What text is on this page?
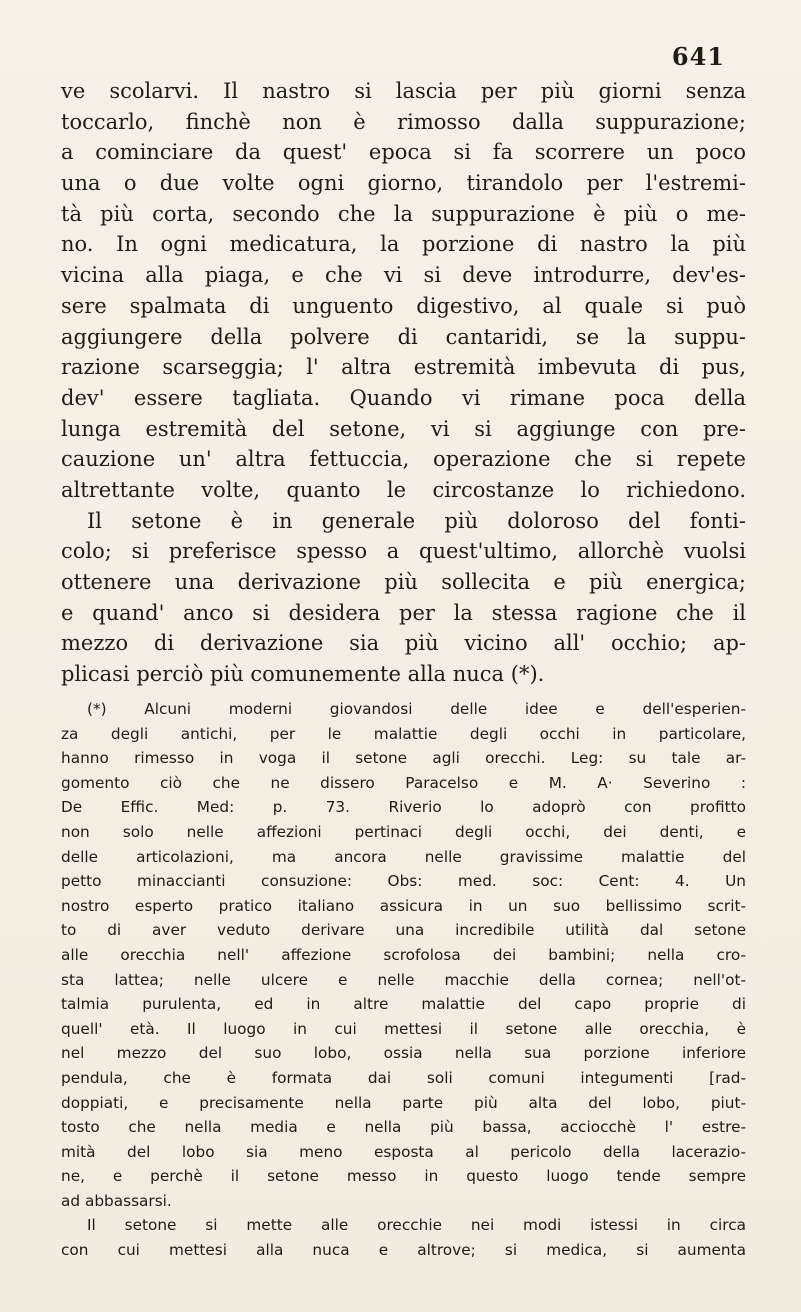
641
ve scolarvi. Il nastro si lascia per più giorni senza
toccarlo, finchè non è rimosso dalla suppurazione;
a cominciare da quest' epoca si fa scorrere un poco
una o due volte ogni giorno, tirandolo per l'estremi-
tà più corta, secondo che la suppurazione è più o me-
no. In ogni medicatura, la porzione di nastro la più
vicina alla piaga, e che vi si deve introdurre, dev'es-
sere spalmata di unguento digestivo, al quale si può
aggiungere della polvere di cantaridi, se la suppu-
razione scarseggia; l' altra estremità imbevuta di pus,
dev' essere tagliata. Quando vi rimane poca della
lunga estremità del setone, vi si aggiunge con pre-
cauzione un' altra fettuccia, operazione che si repete
altrettante volte, quanto le circostanze lo richiedono.
Il setone è in generale più doloroso del fonti-
colo; si preferisce spesso a quest'ultimo, allorchè vuolsi
ottenere una derivazione più sollecita e più energica;
e quand' anco si desidera per la stessa ragione che il
mezzo di derivazione sia più vicino all' occhio; ap-
plicasi perciò più comunemente alla nuca (*).
(*) Alcuni moderni giovandosi delle idee e dell'esperien-
za degli antichi, per le malattie degli occhi in particolare,
hanno rimesso in voga il setone agli orecchi. Leg: su tale ar-
gomento ciò che ne dissero Paracelso e M. A· Severino :
De Effic. Med: p. 73. Riverio lo adoprò con profitto
non solo nelle affezioni pertinaci degli occhi, dei denti, e
delle articolazioni, ma ancora nelle gravissime malattie del
petto minaccianti consuzione: Obs: med. soc: Cent: 4. Un
nostro esperto pratico italiano assicura in un suo bellissimo scrit-
to di aver veduto derivare una incredibile utilità dal setone
alle orecchia nell' affezione scrofolosa dei bambini; nella cro-
sta lattea; nelle ulcere e nelle macchie della cornea; nell'ot-
talmia purulenta, ed in altre malattie del capo proprie di
quell' età. Il luogo in cui mettesi il setone alle orecchia, è
nel mezzo del suo lobo, ossia nella sua porzione inferiore
pendula, che è formata dai soli comuni integumenti [rad-
doppiati, e precisamente nella parte più alta del lobo, piut-
tosto che nella media e nella più bassa, acciocchè l' estre-
mità del lobo sia meno esposta al pericolo della lacerazio-
ne, e perchè il setone messo in questo luogo tende sempre
ad abbassarsi.
Il setone si mette alle orecchie nei modi istessi in circa
con cui mettesi alla nuca e altrove; si medica, si aumenta
